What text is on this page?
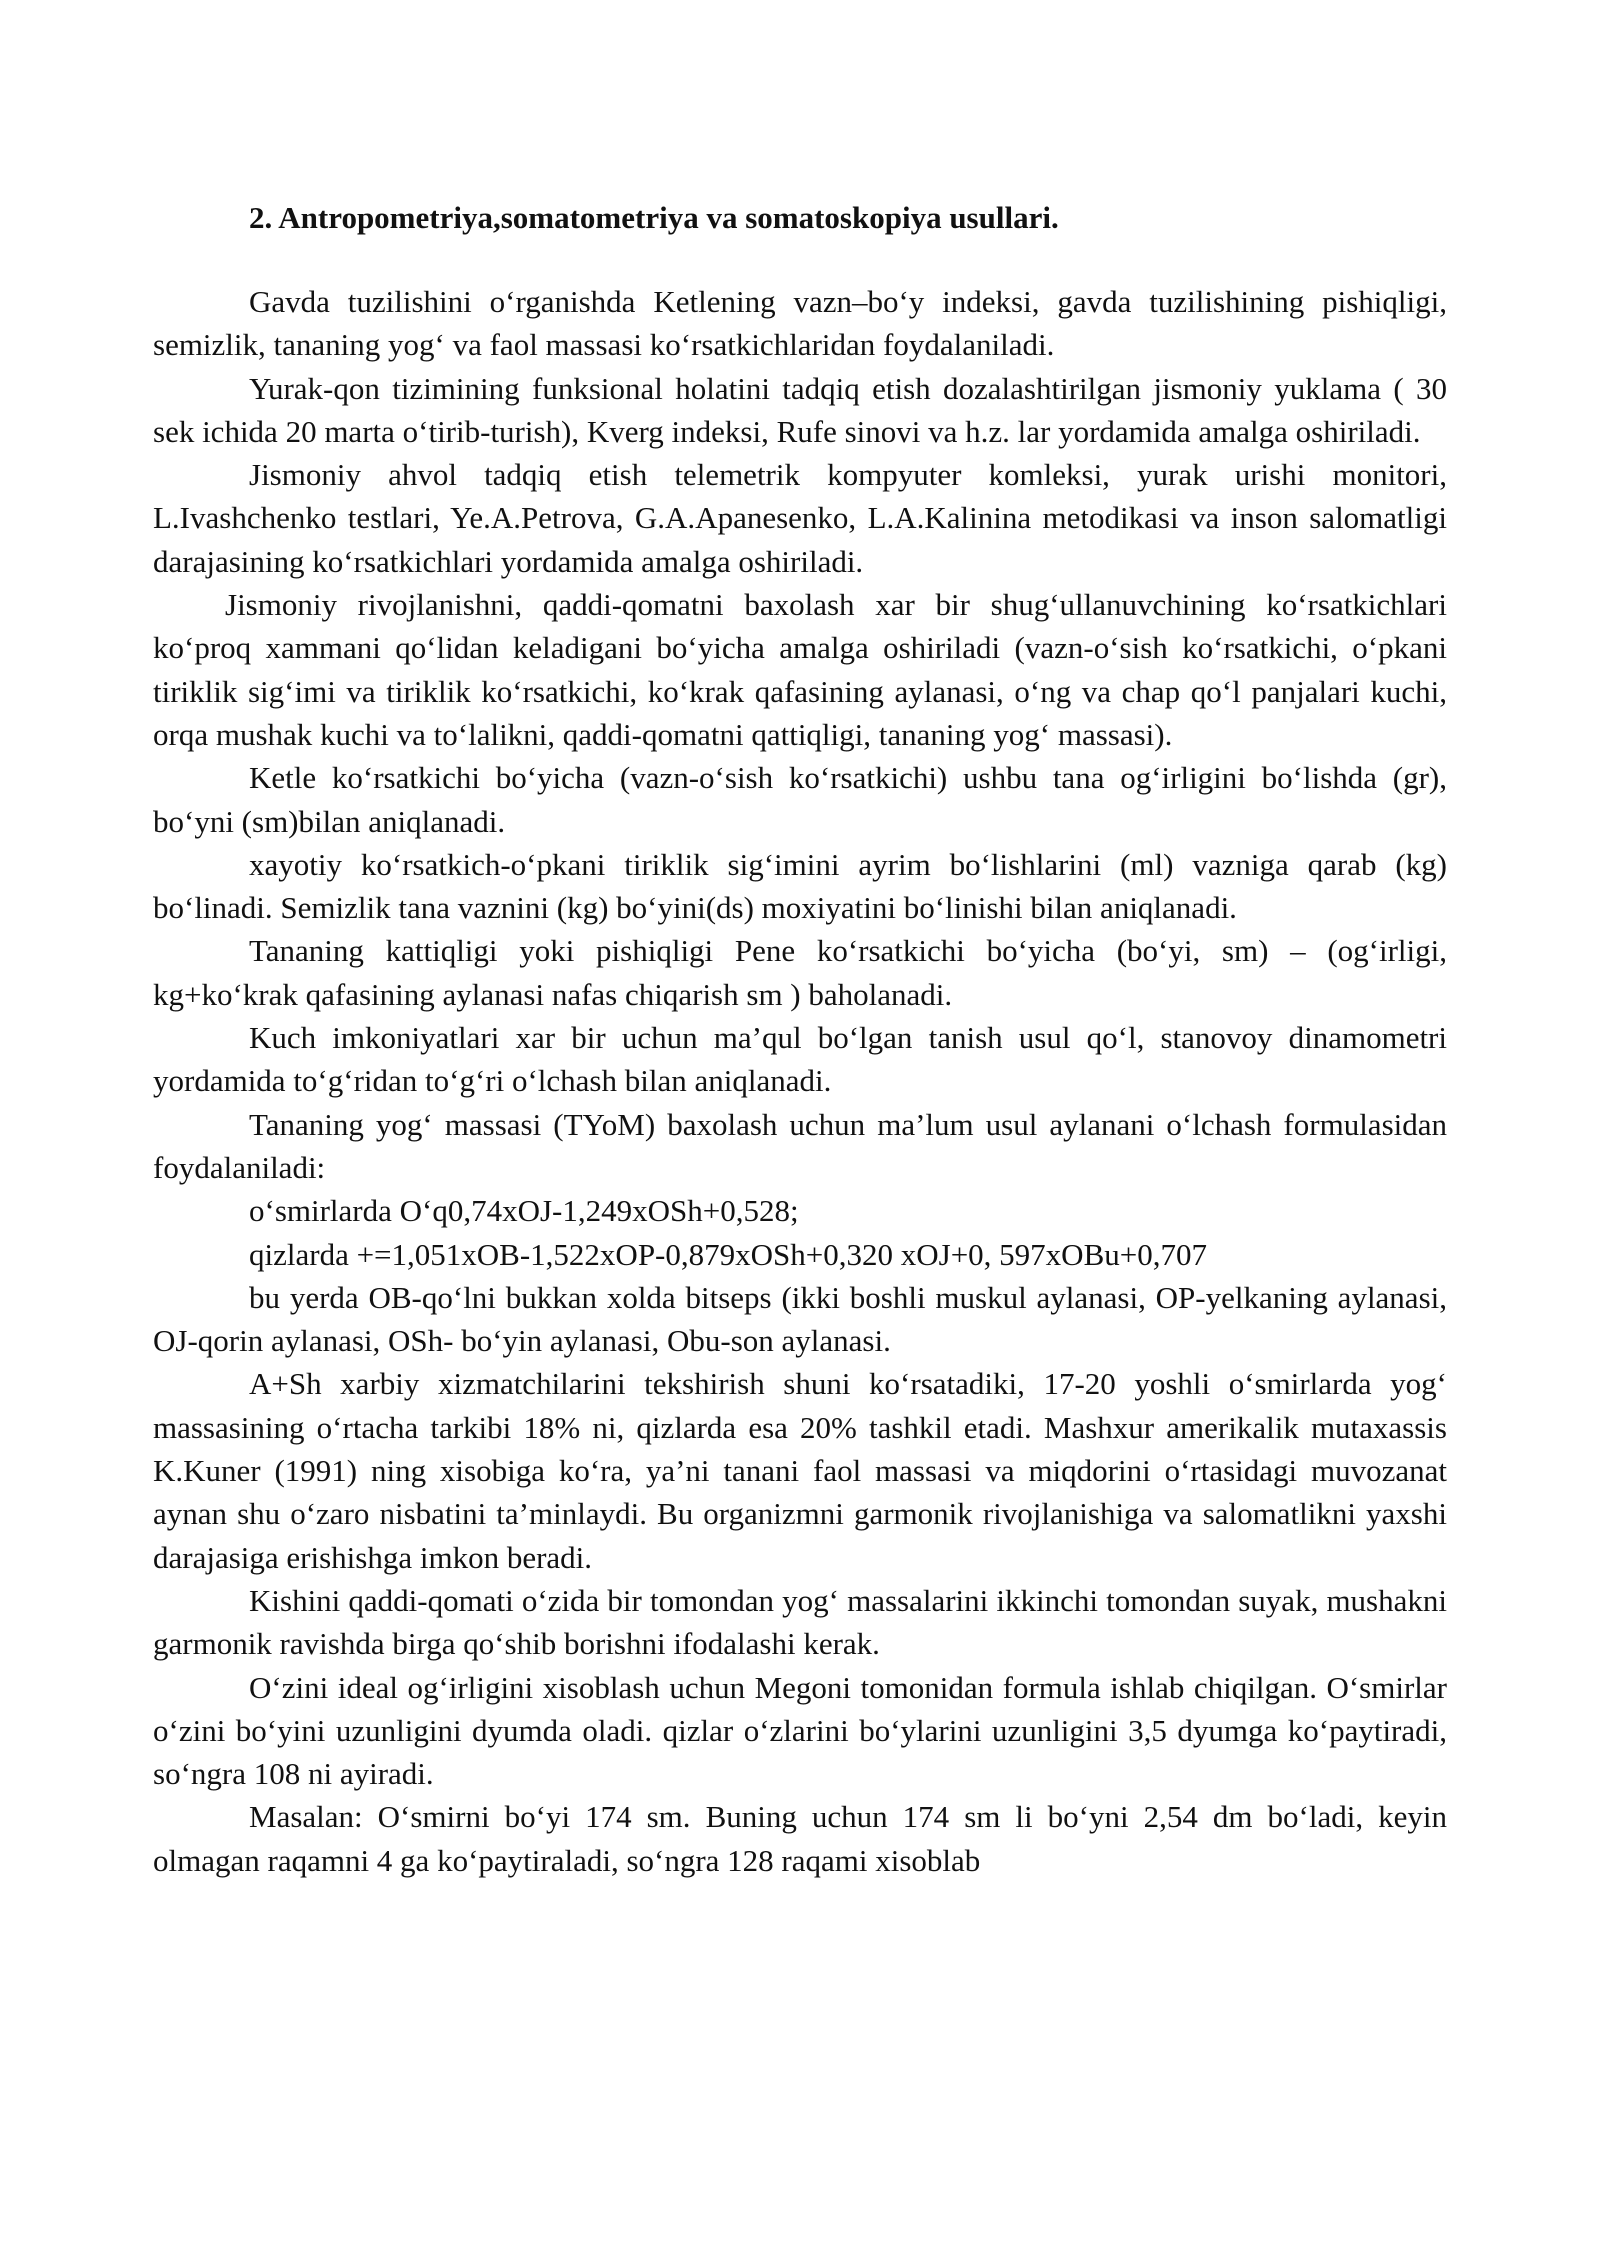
2. Antropometriya,somatometriya va somatoskopiya usullari.

Gavda tuzilishini o‘rganishda Ketlening vazn–bo‘y indeksi, gavda tuzilishining pishiqligi, semizlik, tananing yog‘ va faol massasi ko‘rsatkichlaridan foydalaniladi.

Yurak-qon tizimining funksional holatini tadqiq etish dozalashtirilgan jismoniy yuklama ( 30 sek ichida 20 marta o‘tirib-turish), Kverg indeksi, Rufe sinovi va h.z. lar yordamida amalga oshiriladi.

Jismoniy ahvol tadqiq etish telemetrik kompyuter komleksi, yurak urishi monitori, L.Ivashchenko testlari, Ye.A.Petrova, G.A.Apanesenko, L.A.Kalinina metodikasi va inson salomatligi darajasining ko‘rsatkichlari yordamida amalga oshiriladi.

Jismoniy rivojlanishni, qaddi-qomatni baxolash xar bir shug‘ullanuvchining ko‘rsatkichlari ko‘proq xammani qo‘lidan keladigani bo‘yicha amalga oshiriladi (vazn-o‘sish ko‘rsatkichi, o‘pkani tiriklik sig‘imi va tiriklik ko‘rsatkichi, ko‘krak qafasining aylanasi, o‘ng va chap qo‘l panjalari kuchi, orqa mushak kuchi va to‘lalikni, qaddi-qomatni qattiqligi, tananing yog‘ massasi).

Ketle ko‘rsatkichi bo‘yicha (vazn-o‘sish ko‘rsatkichi) ushbu tana og‘irligini bo‘lishda (gr), bo‘yni (sm)bilan aniqlanadi.

xayotiy ko‘rsatkich-o‘pkani tiriklik sig‘imini ayrim bo‘lishlarini (ml) vazniga qarab (kg) bo‘linadi. Semizlik tana vaznini (kg) bo‘yini(ds) moxiyatini bo‘linishi bilan aniqlanadi.

Tananing kattiqligi yoki pishiqligi Pene ko‘rsatkichi bo‘yicha (bo‘yi, sm) – (og‘irligi, kg+ko‘krak qafasining aylanasi nafas chiqarish sm ) baholanadi.

Kuch imkoniyatlari xar bir uchun ma’qul bo‘lgan tanish usul qo‘l, stanovoy dinamometri yordamida to‘g‘ridan to‘g‘ri o‘lchash bilan aniqlanadi.

Tananing yog‘ massasi (TYoM) baxolash uchun ma’lum usul aylanani o‘lchash formulasidan foydalaniladi:

o‘smirlarda O‘q0,74xOJ-1,249xOSh+0,528;

qizlarda +=1,051xOB-1,522xOP-0,879xOSh+0,320 xOJ+0, 597xOBu+0,707

bu yerda OB-qo‘lni bukkan xolda bitseps (ikki boshli muskul aylanasi, OP-yelkaning aylanasi, OJ-qorin aylanasi, OSh- bo‘yin aylanasi, Obu-son aylanasi.

A+Sh xarbiy xizmatchilarini tekshirish shuni ko‘rsatadiki, 17-20 yoshli o‘smirlarda yog‘ massasining o‘rtacha tarkibi 18% ni, qizlarda esa 20% tashkil etadi. Mashxur amerikalik mutaxassis K.Kuner (1991) ning xisobiga ko‘ra, ya’ni tanani faol massasi va miqdorini o‘rtasidagi muvozanat aynan shu o‘zaro nisbatini ta’minlaydi. Bu organizmni garmonik rivojlanishiga va salomatlikni yaxshi darajasiga erishishga imkon beradi.

Kishini qaddi-qomati o‘zida bir tomondan yog‘ massalarini ikkinchi tomondan suyak, mushakni garmonik ravishda birga qo‘shib borishni ifodalashi kerak.

O‘zini ideal og‘irligini xisoblash uchun Megoni tomonidan formula ishlab chiqilgan. O‘smirlar o‘zini bo‘yini uzunligini dyumda oladi. qizlar o‘zlarini bo‘ylarini uzunligini 3,5 dyumga ko‘paytiradi, so‘ngra 108 ni ayiradi.

Masalan: O‘smirni bo‘yi 174 sm. Buning uchun 174 sm li bo‘yni 2,54 dm bo‘ladi, keyin olmagan raqamni 4 ga ko‘paytiraladi, so‘ngra 128 raqami xisoblab
